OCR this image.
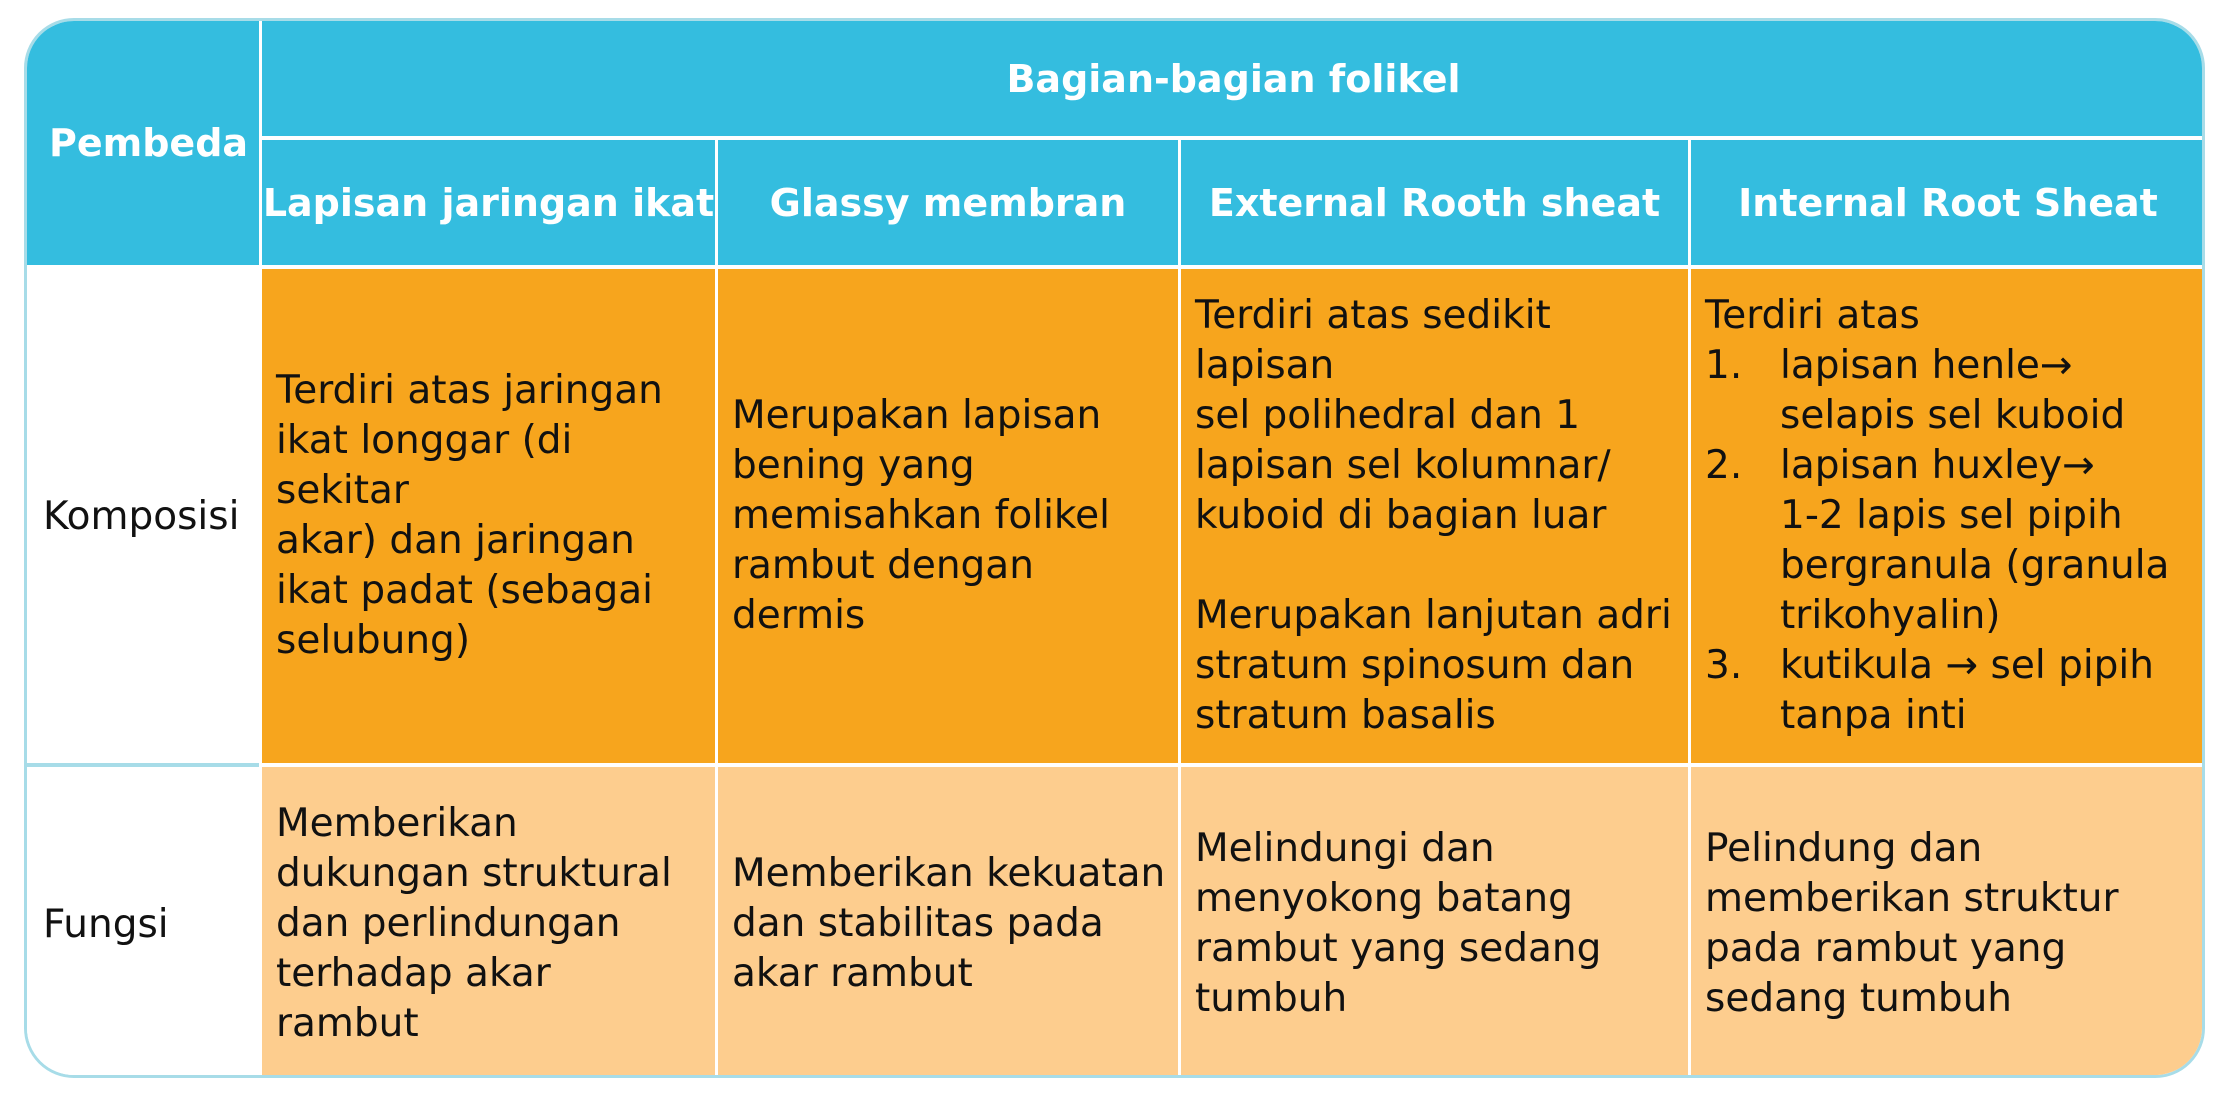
Pembeda
Bagian-bagian folikel
Lapisan jaringan ikat Glassy membran External Rooth sheat Internal Root Sheat
Komposisi
Terdiri atas jaringan
ikat longgar (di sekitar
akar) dan jaringan
ikat padat (sebagai
selubung)
Merupakan lapisan
bening yang
memisahkan folikel
rambut dengan dermis
Terdiri atas sedikit lapisan
sel polihedral dan 1
lapisan sel kolumnar/
kuboid di bagian luar
Merupakan lanjutan adri
stratum spinosum dan
stratum basalis
Terdiri atas
1. lapisan henle→
selapis sel kuboid
2. lapisan huxley→
1-2 lapis sel pipih
bergranula (granula
trikohyalin)
3. kutikula → sel pipih
tanpa inti
Fungsi
Memberikan
dukungan struktural
dan perlindungan
terhadap akar rambut
Memberikan kekuatan
dan stabilitas pada
akar rambut
Melindungi dan
menyokong batang
rambut yang sedang
tumbuh
Pelindung dan
memberikan struktur
pada rambut yang
sedang tumbuh
